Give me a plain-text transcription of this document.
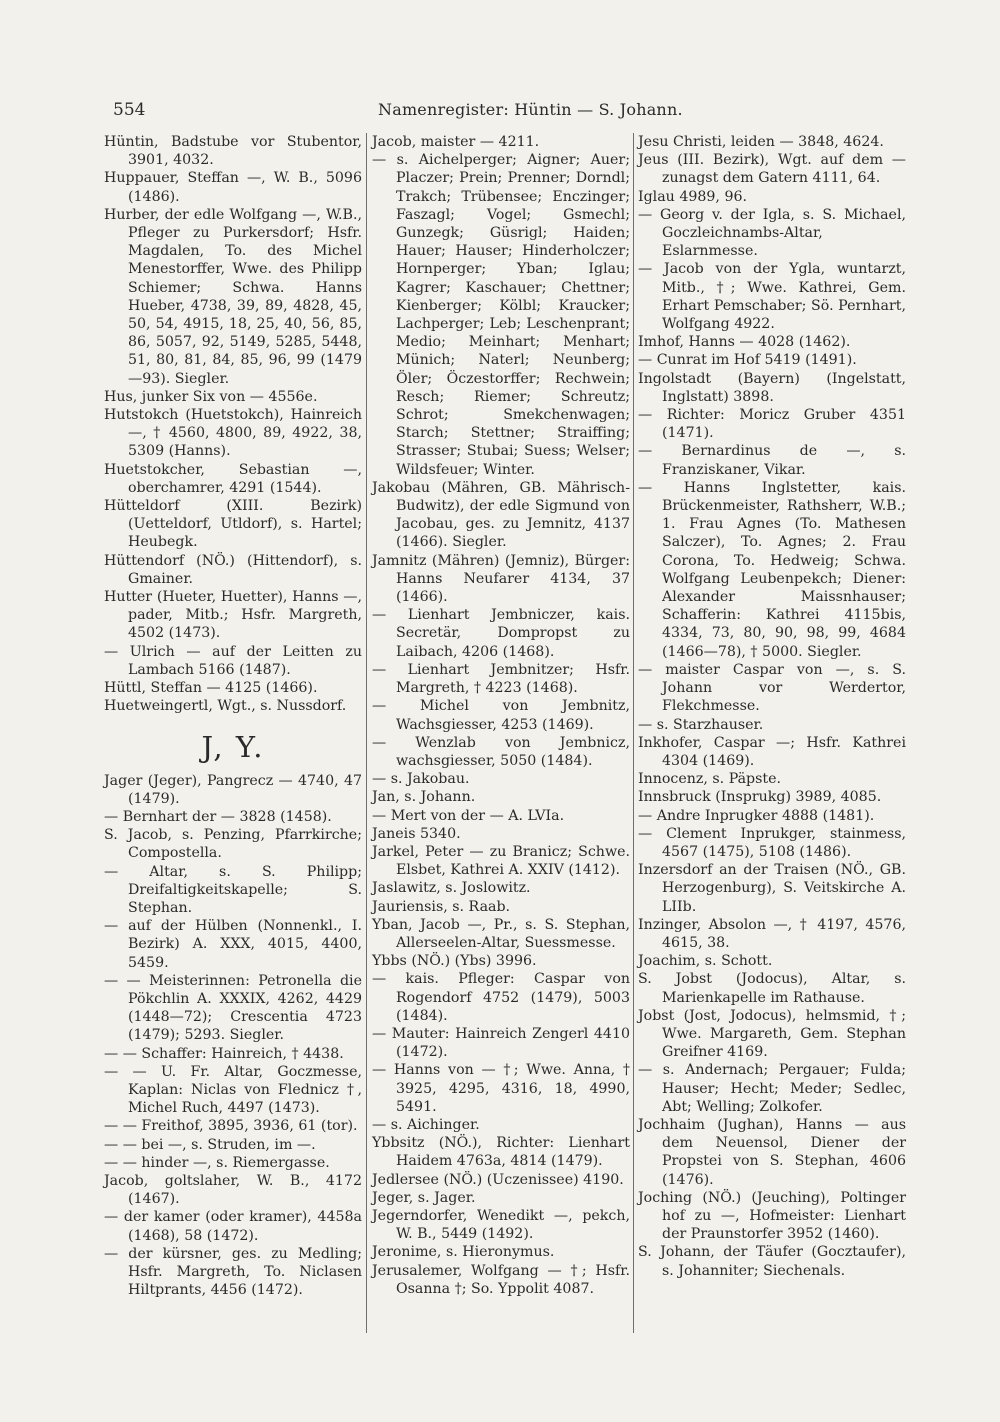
554	Namenregister: Hüntin — S. Johann.

Hüntin, Badstube vor Stubentor, 3901, 4032.

Huppauer, Steffan —, W. B., 5096 (1486).

Hurber, der edle Wolfgang —, W.B., Pfleger zu Purkersdorf; Hsfr. Magdalen, To. des Michel Menestorffer, Wwe. des Philipp Schiemer; Schwa. Hanns Hueber, 4738, 39, 89, 4828, 45, 50, 54, 4915, 18, 25, 40, 56, 85, 86, 5057, 92, 5149, 5285, 5448, 51, 80, 81, 84, 85, 96, 99 (1479—93). Siegler.

Hus, junker Six von — 4556e.

Hutstokch (Huetstokch), Hainreich —, † 4560, 4800, 89, 4922, 38, 5309 (Hanns).

Huetstokcher, Sebastian —, oberchamrer, 4291 (1544).

Hütteldorf (XIII. Bezirk) (Uetteldorf, Utldorf), s. Hartel; Heubegk.

Hüttendorf (NÖ.) (Hittendorf), s. Gmainer.

Hutter (Hueter, Huetter), Hanns —, pader, Mitb.; Hsfr. Margreth, 4502 (1473).

— Ulrich — auf der Leitten zu Lambach 5166 (1487).

Hüttl, Steffan — 4125 (1466).

Huetweingertl, Wgt., s. Nussdorf.

J, Y.

Jager (Jeger), Pangrecz — 4740, 47 (1479).

— Bernhart der — 3828 (1458).

S. Jacob, s. Penzing, Pfarrkirche; Compostella.

— Altar, s. S. Philipp; Dreifaltigkeitskapelle; S. Stephan.

— auf der Hülben (Nonnenkl., I. Bezirk) A. XXX, 4015, 4400, 5459.

— — Meisterinnen: Petronella die Pökchlin A. XXXIX, 4262, 4429 (1448—72); Crescentia 4723 (1479); 5293. Siegler.

— — Schaffer: Hainreich, † 4438.

— — U. Fr. Altar, Goczmesse, Kaplan: Niclas von Flednicz †, Michel Ruch, 4497 (1473).

— — Freithof, 3895, 3936, 61 (tor).

— — bei —, s. Struden, im —.

— — hinder —, s. Riemergasse.

Jacob, goltslaher, W. B., 4172 (1467).

— der kamer (oder kramer), 4458a (1468), 58 (1472).

— der kürsner, ges. zu Medling; Hsfr. Margreth, To. Niclasen Hiltprants, 4456 (1472).

Jacob, maister — 4211.

— s. Aichelperger; Aigner; Auer; Placzer; Prein; Prenner; Dorndl; Trakch; Trübensee; Enczinger; Faszagl; Vogel; Gsmechl; Gunzegk; Güsrigl; Haiden; Hauer; Hauser; Hinderholczer; Hornperger; Yban; Iglau; Kagrer; Kaschauer; Chettner; Kienberger; Kölbl; Kraucker; Lachperger; Leb; Leschenprant; Medio; Meinhart; Menhart; Münich; Naterl; Neunberg; Öler; Öczestorffer; Rechwein; Resch; Riemer; Schreutz; Schrot; Smekchenwagen; Starch; Stettner; Straiffing; Strasser; Stubai; Suess; Welser; Wildsfeuer; Winter.

Jakobau (Mähren, GB. Mährisch-Budwitz), der edle Sigmund von Jacobau, ges. zu Jemnitz, 4137 (1466). Siegler.

Jamnitz (Mähren) (Jemniz), Bürger: Hanns Neufarer 4134, 37 (1466).

— Lienhart Jembniczer, kais. Secretär, Dompropst zu Laibach, 4206 (1468).

— Lienhart Jembnitzer; Hsfr. Margreth, † 4223 (1468).

— Michel von Jembnitz, Wachsgiesser, 4253 (1469).

— Wenzlab von Jembnicz, wachsgiesser, 5050 (1484).

— s. Jakobau.

Jan, s. Johann.

— Mert von der — A. LVIa.

Janeis 5340.

Jarkel, Peter — zu Branicz; Schwe. Elsbet, Kathrei A. XXIV (1412).

Jaslawitz, s. Joslowitz.

Jauriensis, s. Raab.

Yban, Jacob —, Pr., s. S. Stephan, Allerseelen-Altar, Suessmesse.

Ybbs (NÖ.) (Ybs) 3996.

— kais. Pfleger: Caspar von Rogendorf 4752 (1479), 5003 (1484).

— Mauter: Hainreich Zengerl 4410 (1472).

— Hanns von — †; Wwe. Anna, † 3925, 4295, 4316, 18, 4990, 5491.

— s. Aichinger.

Ybbsitz (NÖ.), Richter: Lienhart Haidem 4763a, 4814 (1479).

Jedlersee (NÖ.) (Uczenissee) 4190.

Jeger, s. Jager.

Jegerndorfer, Wenedikt —, pekch, W. B., 5449 (1492).

Jeronime, s. Hieronymus.

Jerusalemer, Wolfgang — †; Hsfr. Osanna †; So. Yppolit 4087.

Jesu Christi, leiden — 3848, 4624.

Jeus (III. Bezirk), Wgt. auf dem — zunagst dem Gatern 4111, 64.

Iglau 4989, 96.

— Georg v. der Igla, s. S. Michael, Goczleichnambs-Altar, Eslarnmesse.

— Jacob von der Ygla, wuntarzt, Mitb., †; Wwe. Kathrei, Gem. Erhart Pemschaber; Sö. Pernhart, Wolfgang 4922.

Imhof, Hanns — 4028 (1462).

— Cunrat im Hof 5419 (1491).

Ingolstadt (Bayern) (Ingelstatt, Inglstatt) 3898.

— Richter: Moricz Gruber 4351 (1471).

— Bernardinus de —, s. Franziskaner, Vikar.

— Hanns Inglstetter, kais. Brückenmeister, Rathsherr, W.B.; 1. Frau Agnes (To. Mathesen Salczer), To. Agnes; 2. Frau Corona, To. Hedweig; Schwa. Wolfgang Leubenpekch; Diener: Alexander Maissnhauser; Schafferin: Kathrei 4115bis, 4334, 73, 80, 90, 98, 99, 4684 (1466—78), † 5000. Siegler.

— maister Caspar von —, s. S. Johann vor Werdertor, Flekchmesse.

— s. Starzhauser.

Inkhofer, Caspar —; Hsfr. Kathrei 4304 (1469).

Innocenz, s. Päpste.

Innsbruck (Insprukg) 3989, 4085.

— Andre Inprugker 4888 (1481).

— Clement Inprukger, stainmess, 4567 (1475), 5108 (1486).

Inzersdorf an der Traisen (NÖ., GB. Herzogenburg), S. Veitskirche A. LIIb.

Inzinger, Absolon —, † 4197, 4576, 4615, 38.

Joachim, s. Schott.

S. Jobst (Jodocus), Altar, s. Marienkapelle im Rathause.

Jobst (Jost, Jodocus), helmsmid, †; Wwe. Margareth, Gem. Stephan Greifner 4169.

— s. Andernach; Pergauer; Fulda; Hauser; Hecht; Meder; Sedlec, Abt; Welling; Zolkofer.

Jochhaim (Jughan), Hanns — aus dem Neuensol, Diener der Propstei von S. Stephan, 4606 (1476).

Joching (NÖ.) (Jeuching), Poltinger hof zu —, Hofmeister: Lienhart der Praunstorfer 3952 (1460).

S. Johann, der Täufer (Gocztaufer), s. Johanniter; Siechenals.
